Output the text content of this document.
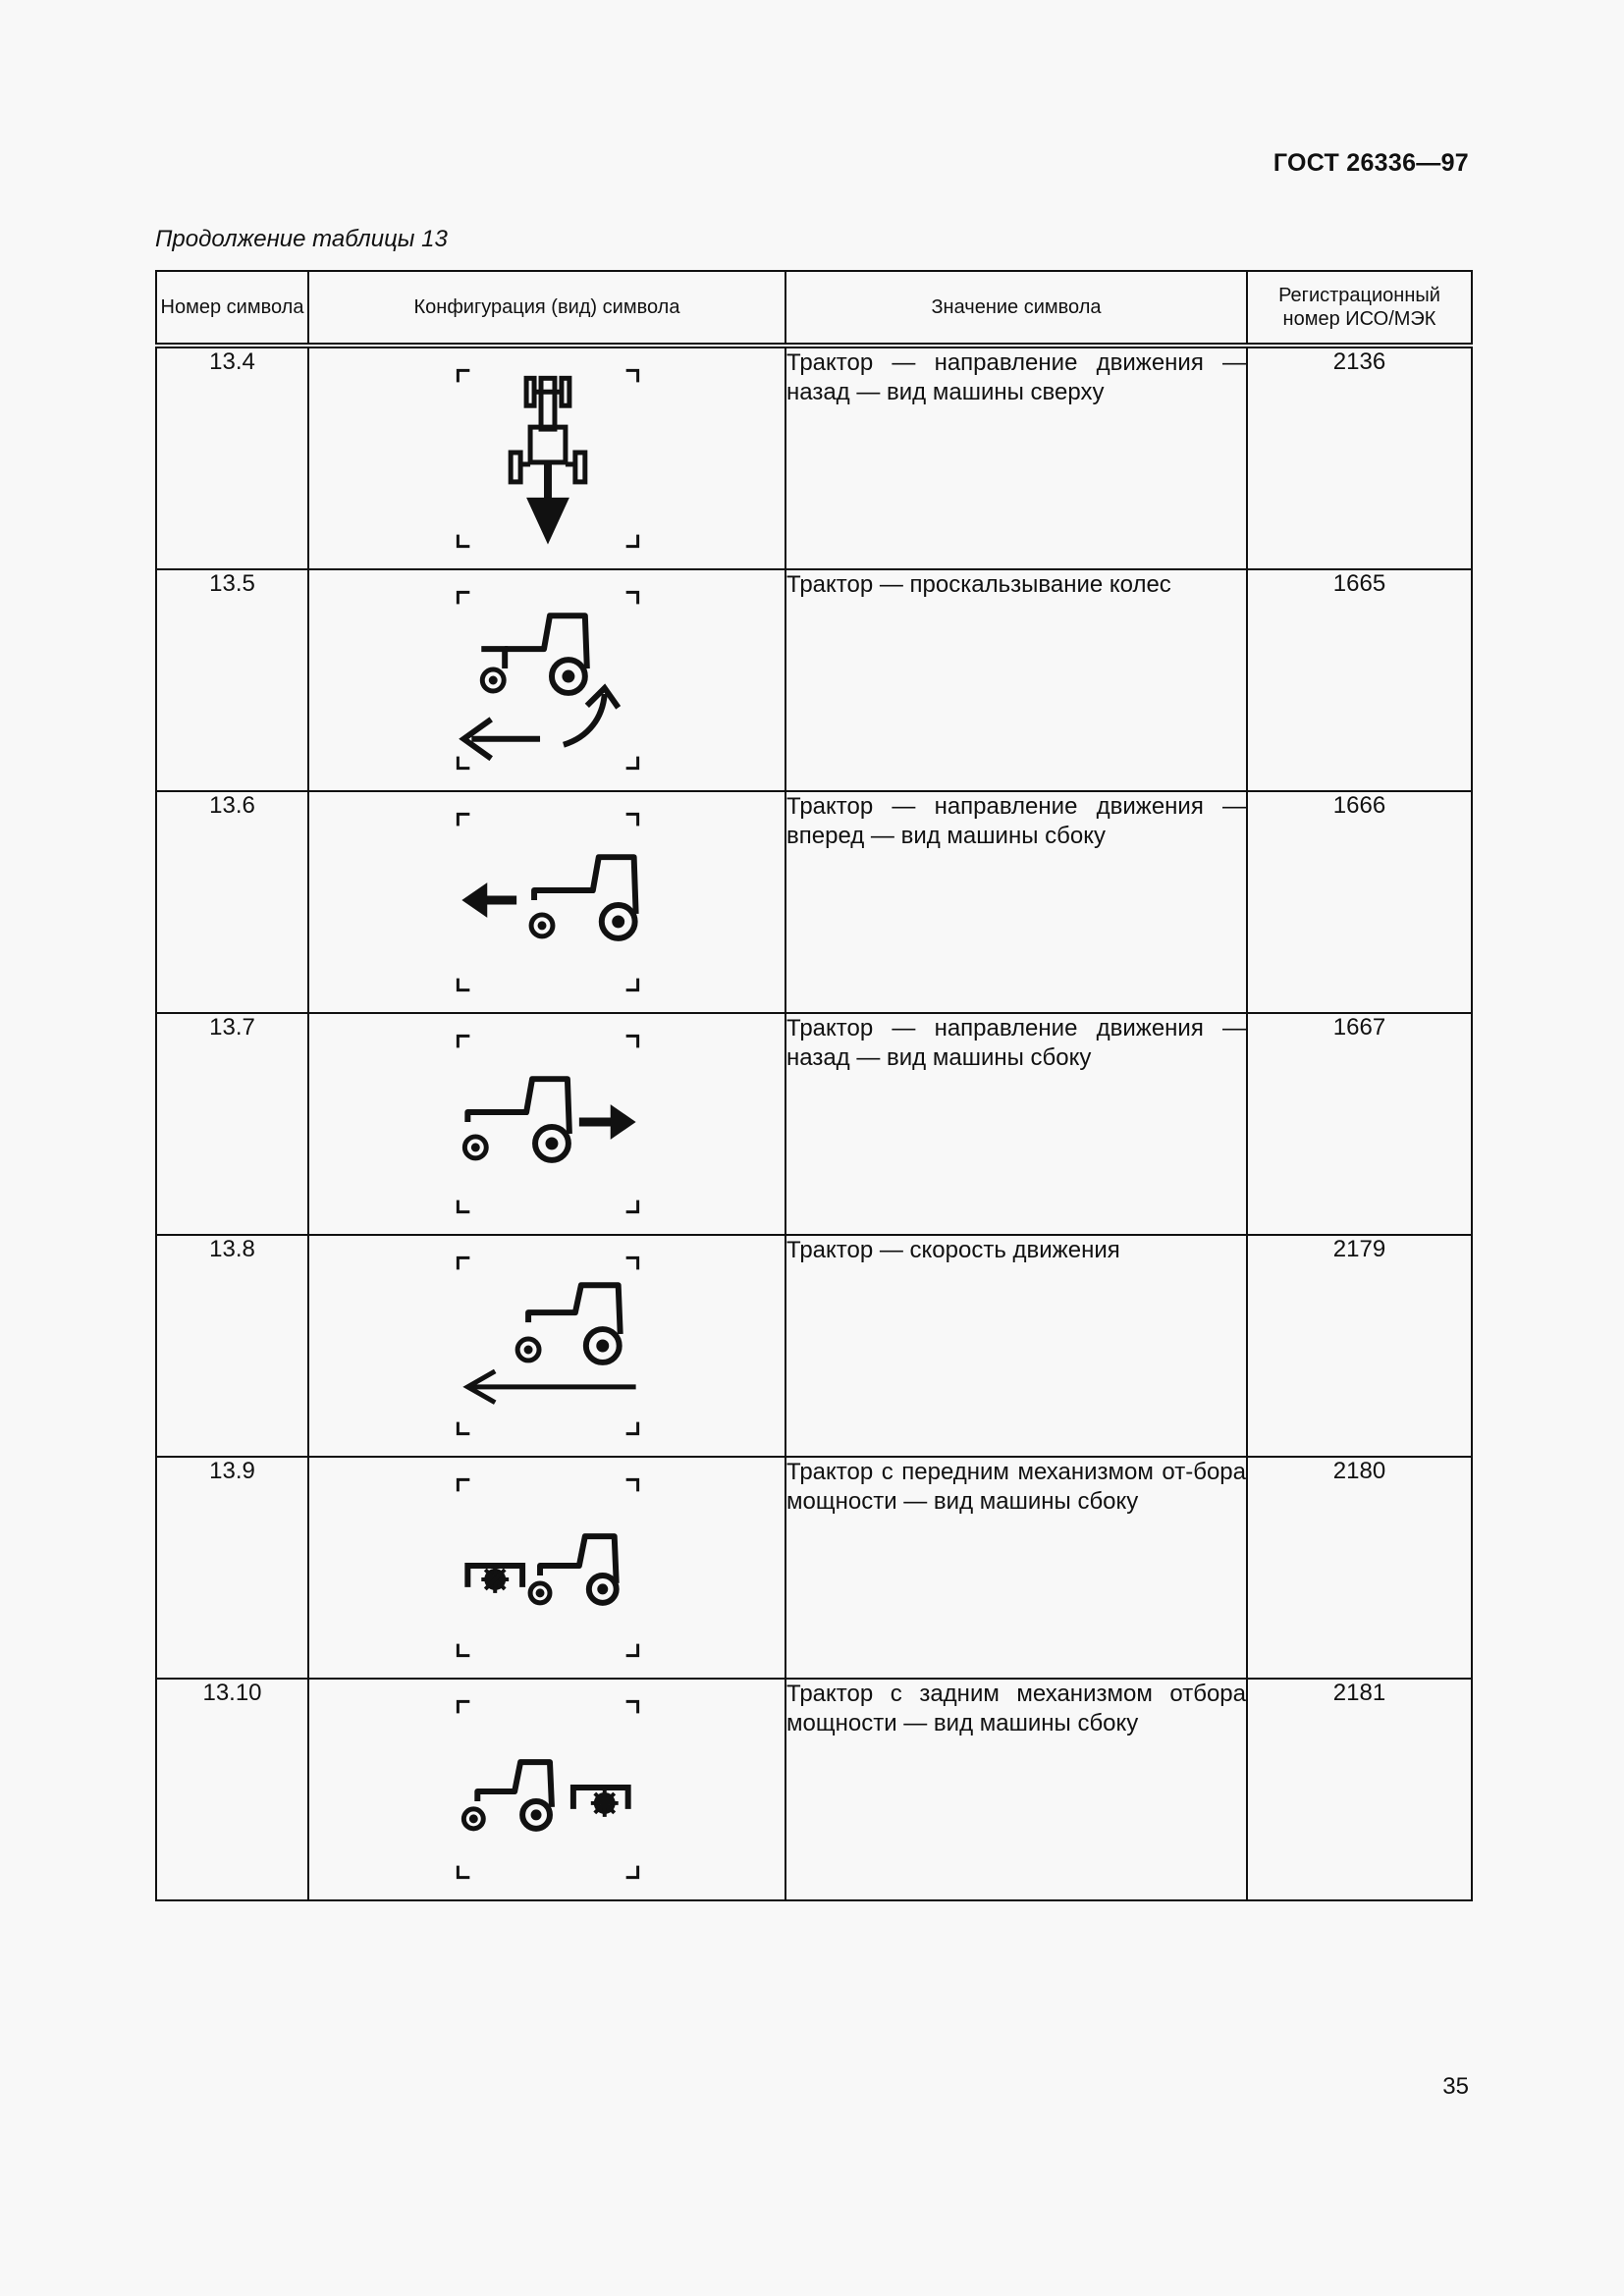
ГОСТ 26336—97
Продолжение таблицы 13
Номер символа	Конфигурация (вид) символа	Значение символа	Регистрационный номер ИСО/МЭК
13.4		Трактор — направление движения — назад — вид машины сверху	2136
13.5		Трактор — проскальзывание колес	1665
13.6		Трактор — направление движения — вперед — вид машины сбоку	1666
13.7		Трактор — направление движения — назад — вид машины сбоку	1667
13.8		Трактор — скорость движения	2179
13.9		Трактор с передним механизмом от-бора мощности — вид машины сбоку	2180
13.10		Трактор с задним механизмом отбора мощности — вид машины сбоку	2181
35
